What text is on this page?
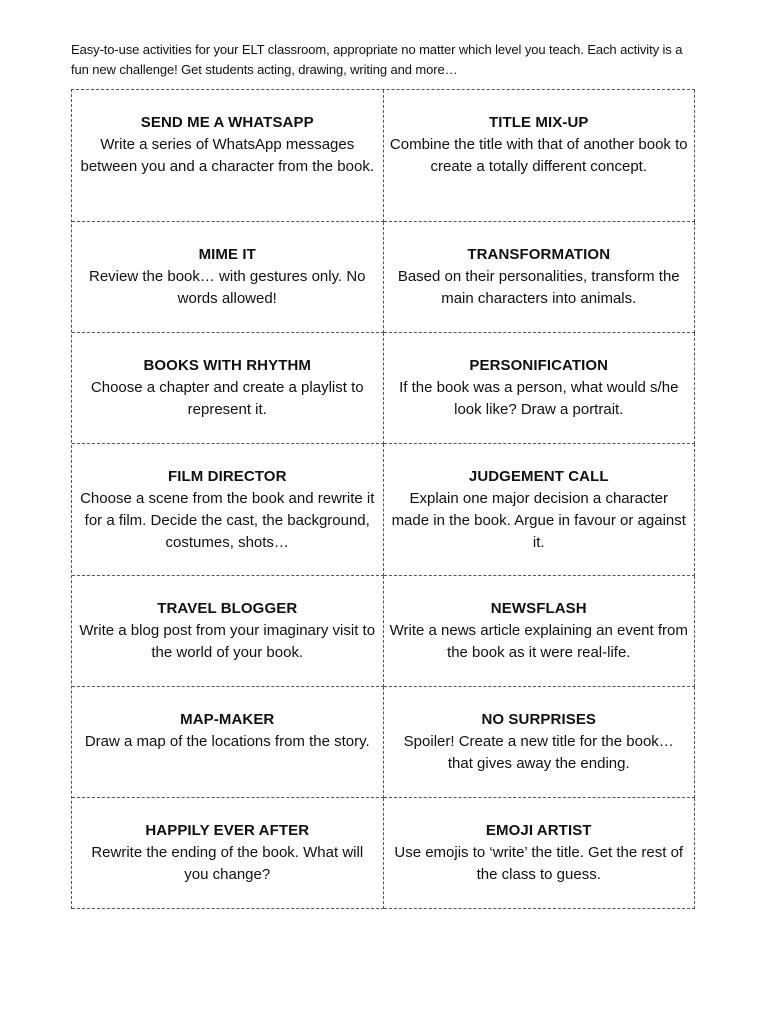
Easy-to-use activities for your ELT classroom, appropriate no matter which level you teach. Each activity is a fun new challenge! Get students acting, drawing, writing and more…
SEND ME A WHATSAPP
Write a series of WhatsApp messages between you and a character from the book.
TITLE MIX-UP
Combine the title with that of another book to create a totally different concept.
MIME IT
Review the book… with gestures only. No words allowed!
TRANSFORMATION
Based on their personalities, transform the main characters into animals.
BOOKS WITH RHYTHM
Choose a chapter and create a playlist to represent it.
PERSONIFICATION
If the book was a person, what would s/he look like? Draw a portrait.
FILM DIRECTOR
Choose a scene from the book and rewrite it for a film. Decide the cast, the background, costumes, shots…
JUDGEMENT CALL
Explain one major decision a character made in the book. Argue in favour or against it.
TRAVEL BLOGGER
Write a blog post from your imaginary visit to the world of your book.
NEWSFLASH
Write a news article explaining an event from the book as it were real-life.
MAP-MAKER
Draw a map of the locations from the story.
NO SURPRISES
Spoiler! Create a new title for the book… that gives away the ending.
HAPPILY EVER AFTER
Rewrite the ending of the book. What will you change?
EMOJI ARTIST
Use emojis to ‘write’ the title. Get the rest of the class to guess.
